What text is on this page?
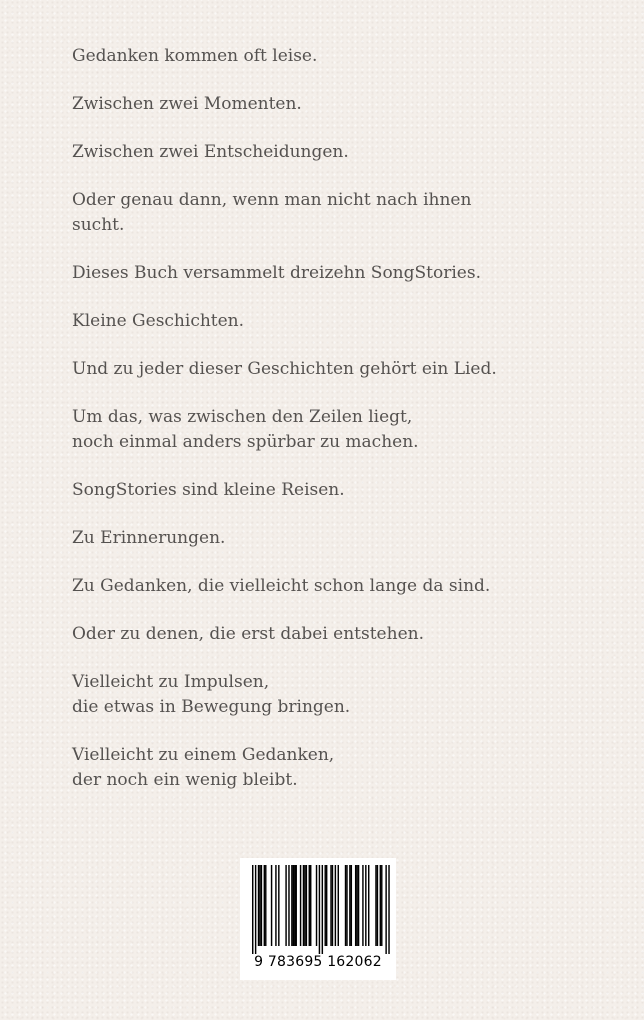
Gedanken kommen oft leise.

Zwischen zwei Momenten.

Zwischen zwei Entscheidungen.

Oder genau dann, wenn man nicht nach ihnen
sucht.

Dieses Buch versammelt dreizehn SongStories.

Kleine Geschichten.

Und zu jeder dieser Geschichten gehört ein Lied.

Um das, was zwischen den Zeilen liegt,
noch einmal anders spürbar zu machen.

SongStories sind kleine Reisen.

Zu Erinnerungen.

Zu Gedanken, die vielleicht schon lange da sind.

Oder zu denen, die erst dabei entstehen.

Vielleicht zu Impulsen,
die etwas in Bewegung bringen.

Vielleicht zu einem Gedanken,
der noch ein wenig bleibt.

9 783695 162062
